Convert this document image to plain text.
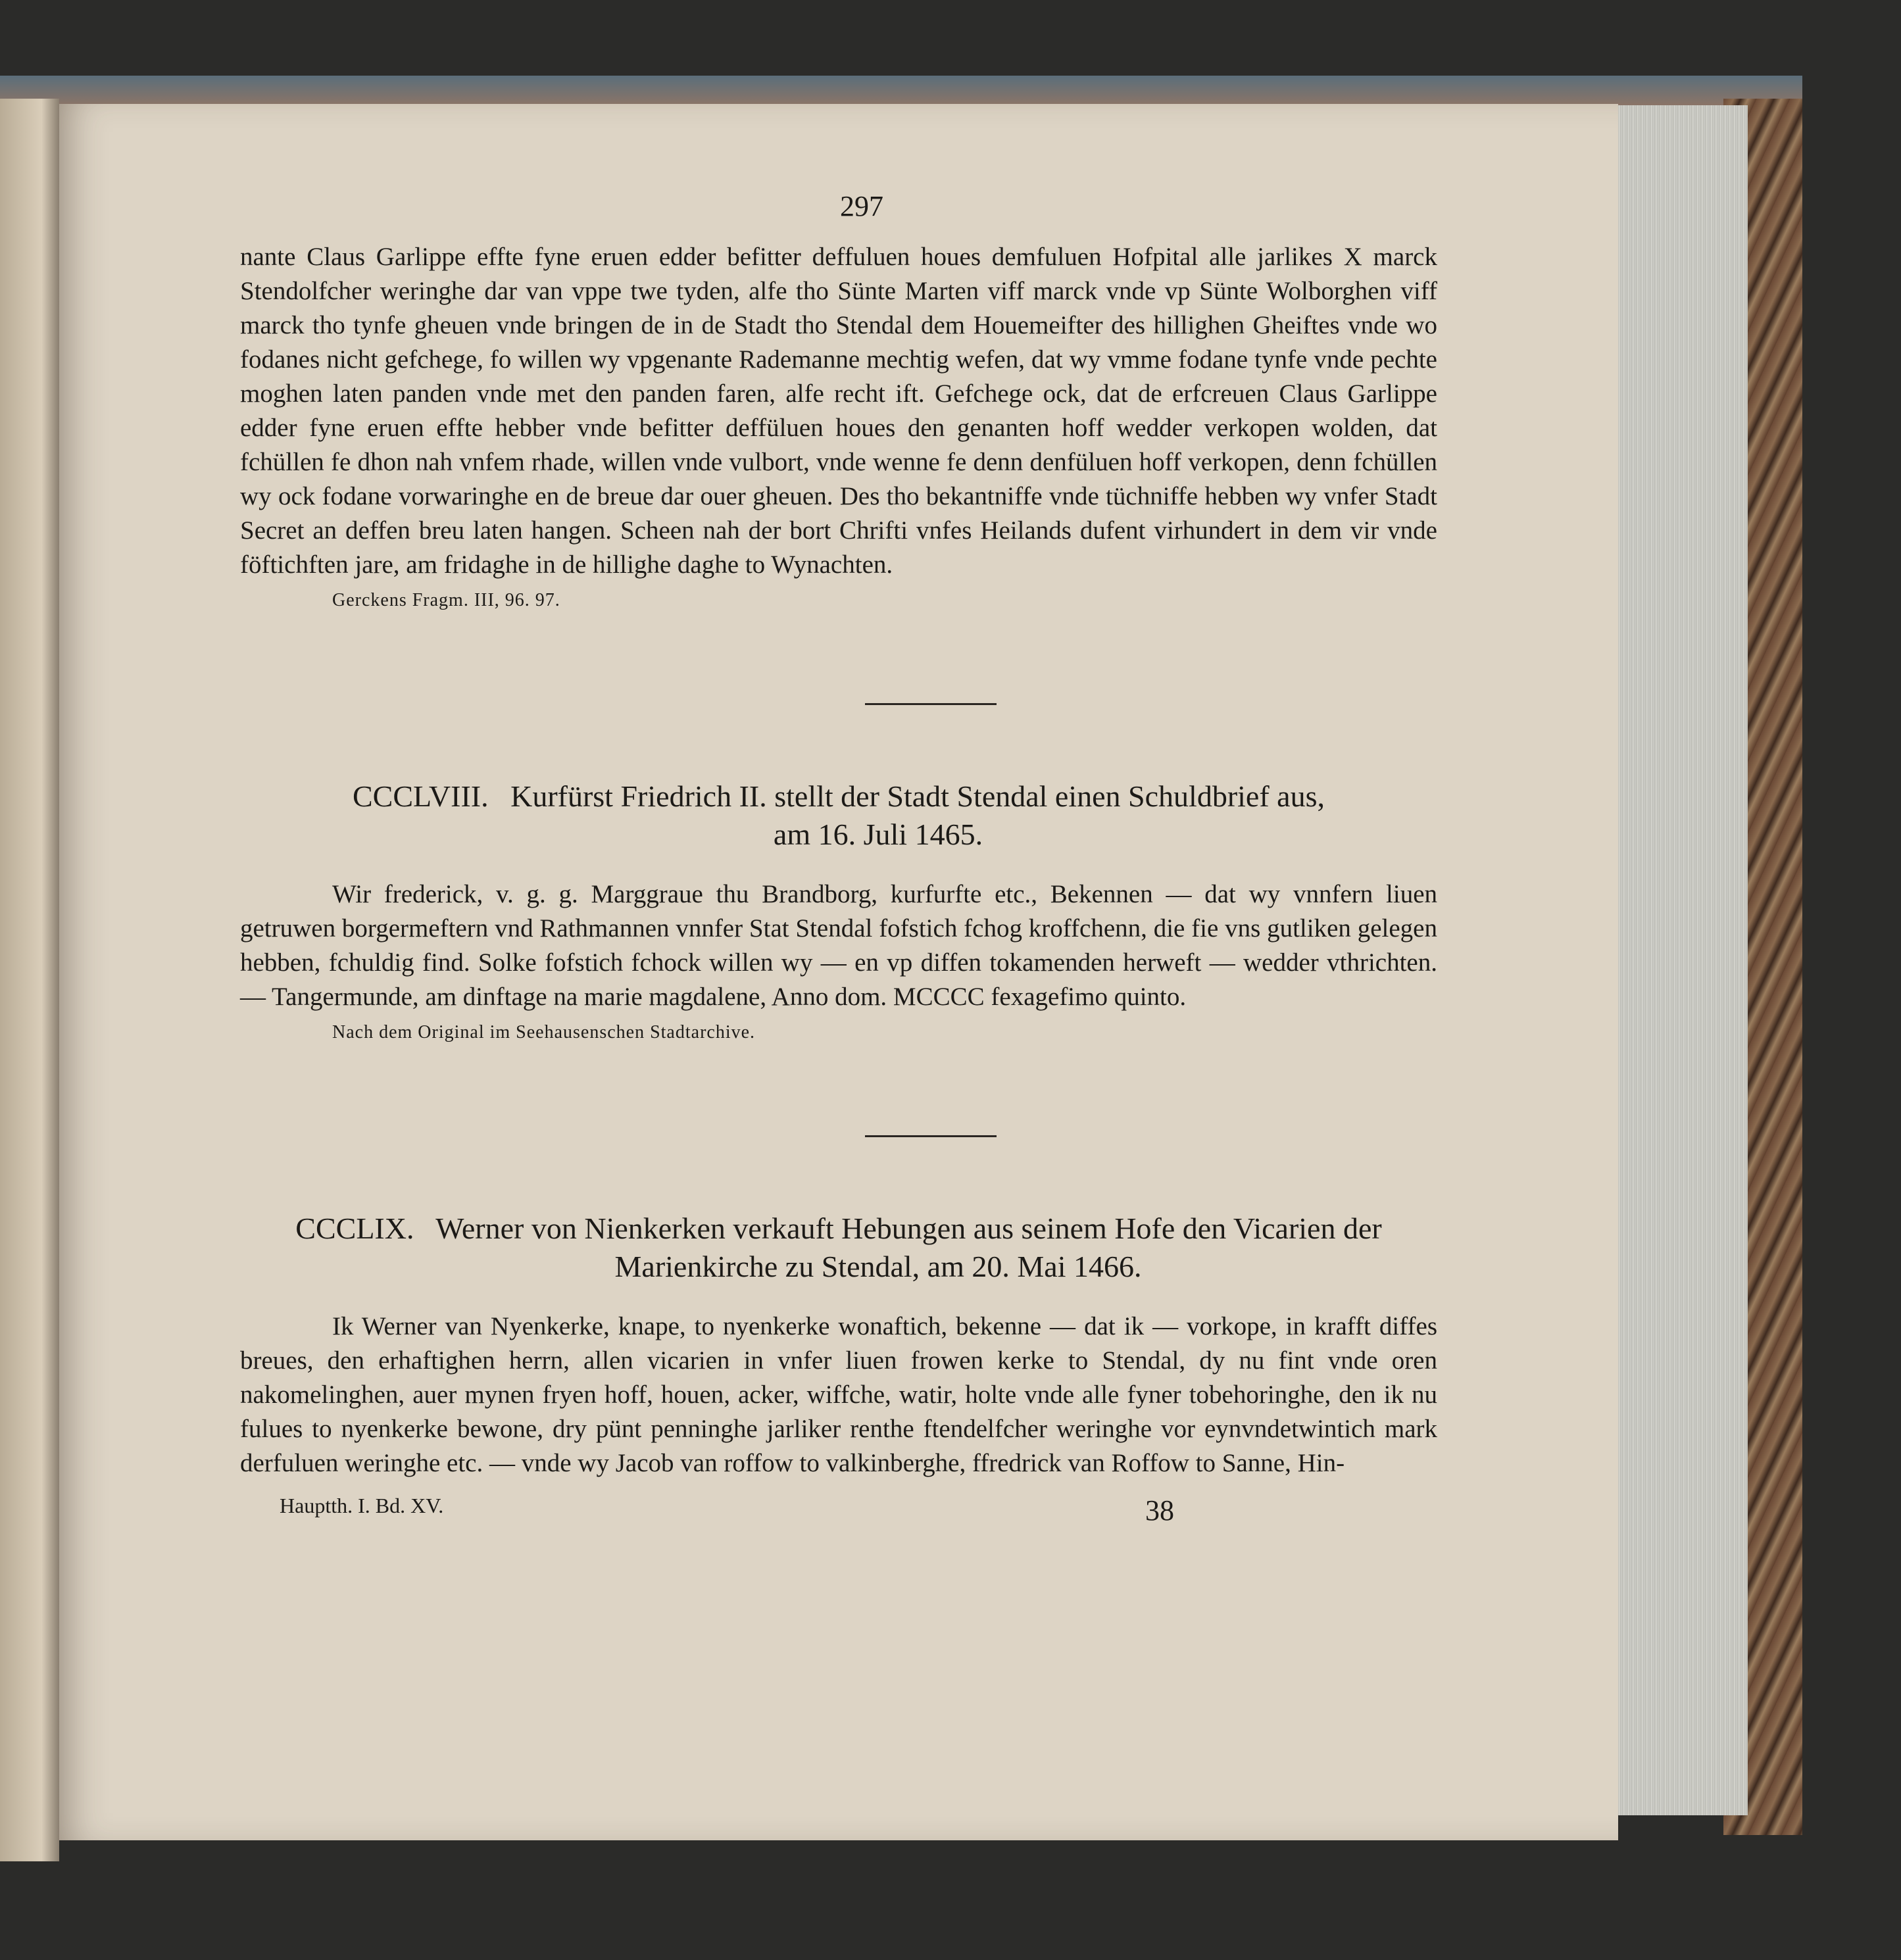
297

nante Claus Garlippe effte fyne eruen edder befitter deffuluen houes demfuluen Hofpital alle jarlikes X marck Stendolfcher weringhe dar van vppe twe tyden, alfe tho Sünte Marten viff marck vnde vp Sünte Wolborghen viff marck tho tynfe gheuen vnde bringen de in de Stadt tho Stendal dem Houemeifter des hillighen Gheiftes vnde wo fodanes nicht gefchege, fo willen wy vpgenante Rademanne mechtig wefen, dat wy vmme fodane tynfe vnde pechte moghen laten panden vnde met den panden faren, alfe recht ift. Gefchege ock, dat de erfcreuen Claus Garlippe edder fyne eruen effte hebber vnde befitter deffüluen houes den genanten hoff wedder verkopen wolden, dat fchüllen fe dhon nah vnfem rhade, willen vnde vulbort, vnde wenne fe denn denfüluen hoff verkopen, denn fchüllen wy ock fodane vorwaringhe en de breue dar ouer gheuen. Des tho bekantniffe vnde tüchniffe hebben wy vnfer Stadt Secret an deffen breu laten hangen. Scheen nah der bort Chrifti vnfes Heilands dufent virhundert in dem vir vnde föftichften jare, am fridaghe in de hillighe daghe to Wynachten.

Gerckens Fragm. III, 96. 97.

CCCLVIII. Kurfürst Friedrich II. stellt der Stadt Stendal einen Schuldbrief aus,
am 16. Juli 1465.

Wir frederick, v. g. g. Marggraue thu Brandborg, kurfurfte etc., Bekennen — dat wy vnnfern liuen getruwen borgermeftern vnd Rathmannen vnnfer Stat Stendal fofstich fchog kroffchenn, die fie vns gutliken gelegen hebben, fchuldig find. Solke fofstich fchock willen wy — en vp diffen tokamenden herweft — wedder vthrichten. — Tangermunde, am dinftage na marie magdalene, Anno dom. MCCCC fexagefimo quinto.

Nach dem Original im Seehausenschen Stadtarchive.

CCCLIX. Werner von Nienkerken verkauft Hebungen aus seinem Hofe den Vicarien der
Marienkirche zu Stendal, am 20. Mai 1466.

Ik Werner van Nyenkerke, knape, to nyenkerke wonaftich, bekenne — dat ik — vorkope, in krafft diffes breues, den erhaftighen herrn, allen vicarien in vnfer liuen frowen kerke to Stendal, dy nu fint vnde oren nakomelinghen, auer mynen fryen hoff, houen, acker, wiffche, watir, holte vnde alle fyner tobehoringhe, den ik nu fulues to nyenkerke bewone, dry pünt penninghe jarliker renthe ftendelfcher weringhe vor eynvndetwintich mark derfuluen weringhe etc. — vnde wy Jacob van roffow to valkinberghe, ffredrick van Roffow to Sanne, Hin-

Hauptth. I. Bd. XV.	38
